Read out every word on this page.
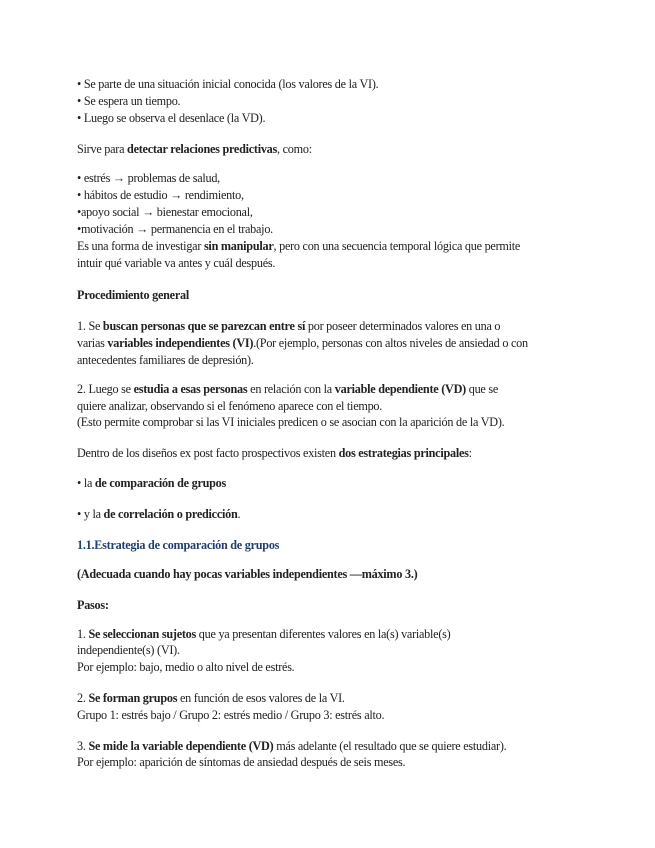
• Se parte de una situación inicial conocida (los valores de la VI).
• Se espera un tiempo.
• Luego se observa el desenlace (la VD).
Sirve para detectar relaciones predictivas, como:
• estrés → problemas de salud,
• hábitos de estudio → rendimiento,
•apoyo social → bienestar emocional,
•motivación → permanencia en el trabajo.
Es una forma de investigar sin manipular, pero con una secuencia temporal lógica que permite
intuir qué variable va antes y cuál después.
Procedimiento general
1. Se buscan personas que se parezcan entre sí por poseer determinados valores en una o
varias variables independientes (VI).(Por ejemplo, personas con altos niveles de ansiedad o con
antecedentes familiares de depresión).
2. Luego se estudia a esas personas en relación con la variable dependiente (VD) que se
quiere analizar, observando si el fenómeno aparece con el tiempo.
(Esto permite comprobar si las VI iniciales predicen o se asocian con la aparición de la VD).
Dentro de los diseños ex post facto prospectivos existen dos estrategias principales:
• la de comparación de grupos
• y la de correlación o predicción.
1.1.Estrategia de comparación de grupos
(Adecuada cuando hay pocas variables independientes —máximo 3.)
Pasos:
1. Se seleccionan sujetos que ya presentan diferentes valores en la(s) variable(s)
independiente(s) (VI).
Por ejemplo: bajo, medio o alto nivel de estrés.
2. Se forman grupos en función de esos valores de la VI.
Grupo 1: estrés bajo / Grupo 2: estrés medio / Grupo 3: estrés alto.
3. Se mide la variable dependiente (VD) más adelante (el resultado que se quiere estudiar).
Por ejemplo: aparición de síntomas de ansiedad después de seis meses.
